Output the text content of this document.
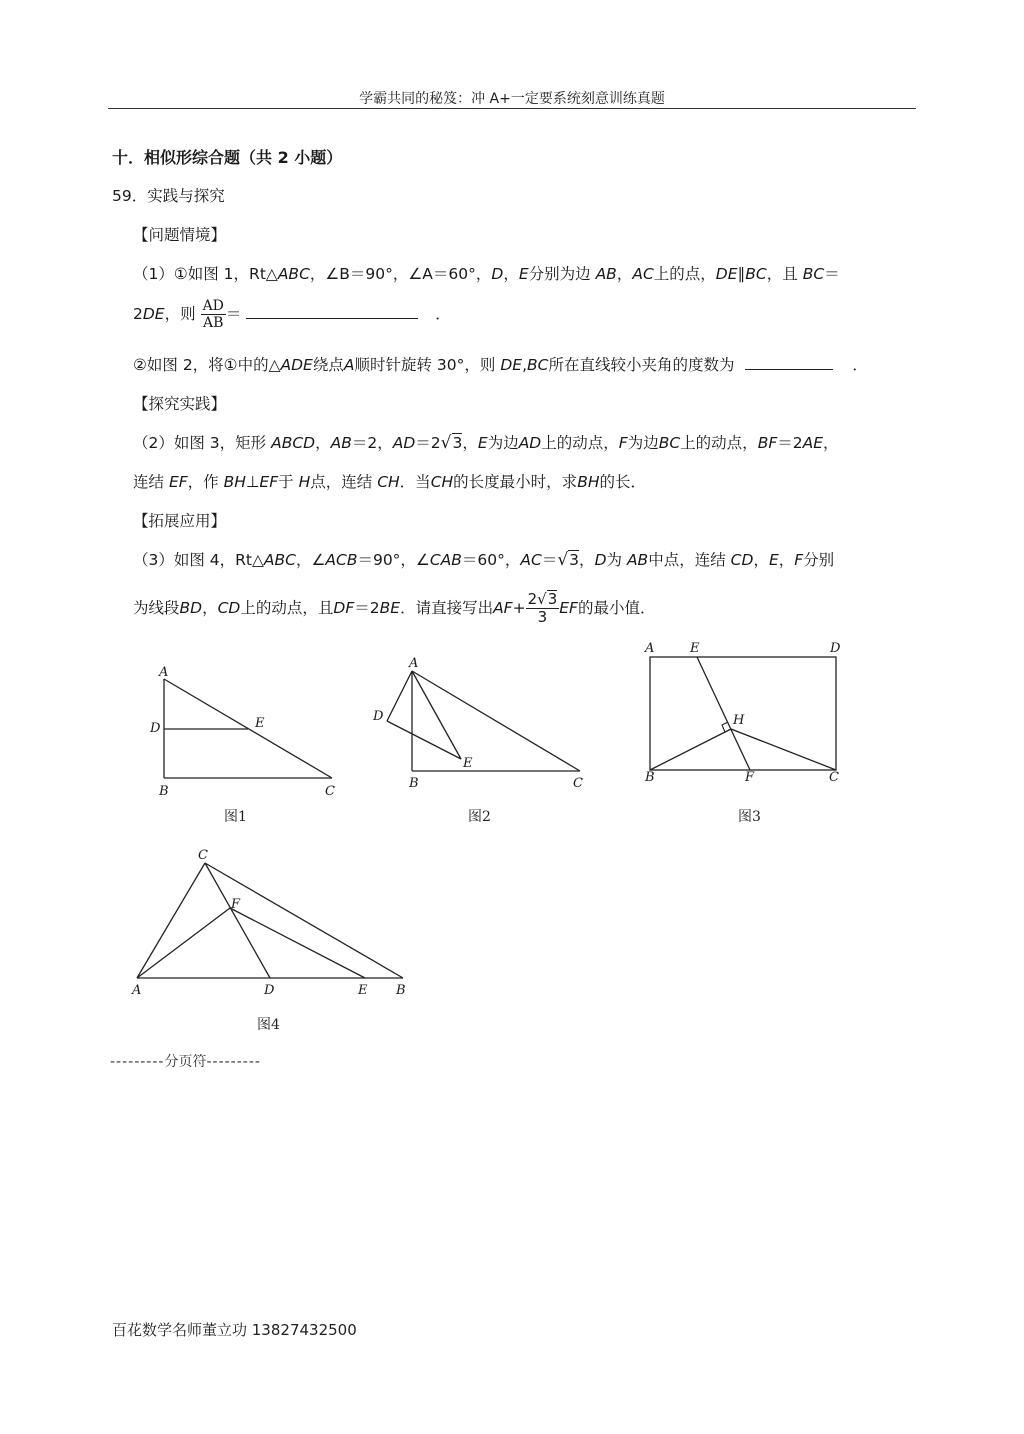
学霸共同的秘笈：冲 A+一定要系统刻意训练真题
十．相似形综合题（共 2 小题）
59．实践与探究
【问题情境】
（1）①如图 1，Rt△ABC，∠B＝90°，∠A＝60°，D，E分别为边 AB，AC上的点，DE∥BC，且 BC＝
2DE，则 $\frac{AD}{AB}$ ＝	．
②如图 2，将①中的△ADE绕点A顺时针旋转 30°，则 DE,BC所在直线较小夹角的度数为	．
【探究实践】
（2）如图 3，矩形 ABCD，AB＝2，AD＝2√3，E为边AD上的动点，F为边BC上的动点，BF＝2AE，
连结 EF，作 BH⊥EF于 H点，连结 CH．当CH的长度最小时，求BH的长．
【拓展应用】
（3）如图 4，Rt△ABC，∠ACB＝90°，∠CAB＝60°，AC＝√3，D为 AB中点，连结 CD，E，F分别
为线段BD，CD上的动点，且DF＝2BE．请直接写出$AF+ \frac{2√3}{3}$ EF的最小值．
A
D	E
B	C
图1
A
D
E
B	C
图2
A	E	D
H
B	F	C
图3
C
F
A	D	E B
图4
---------分页符---------
百花数学名师董立功 13827432500
